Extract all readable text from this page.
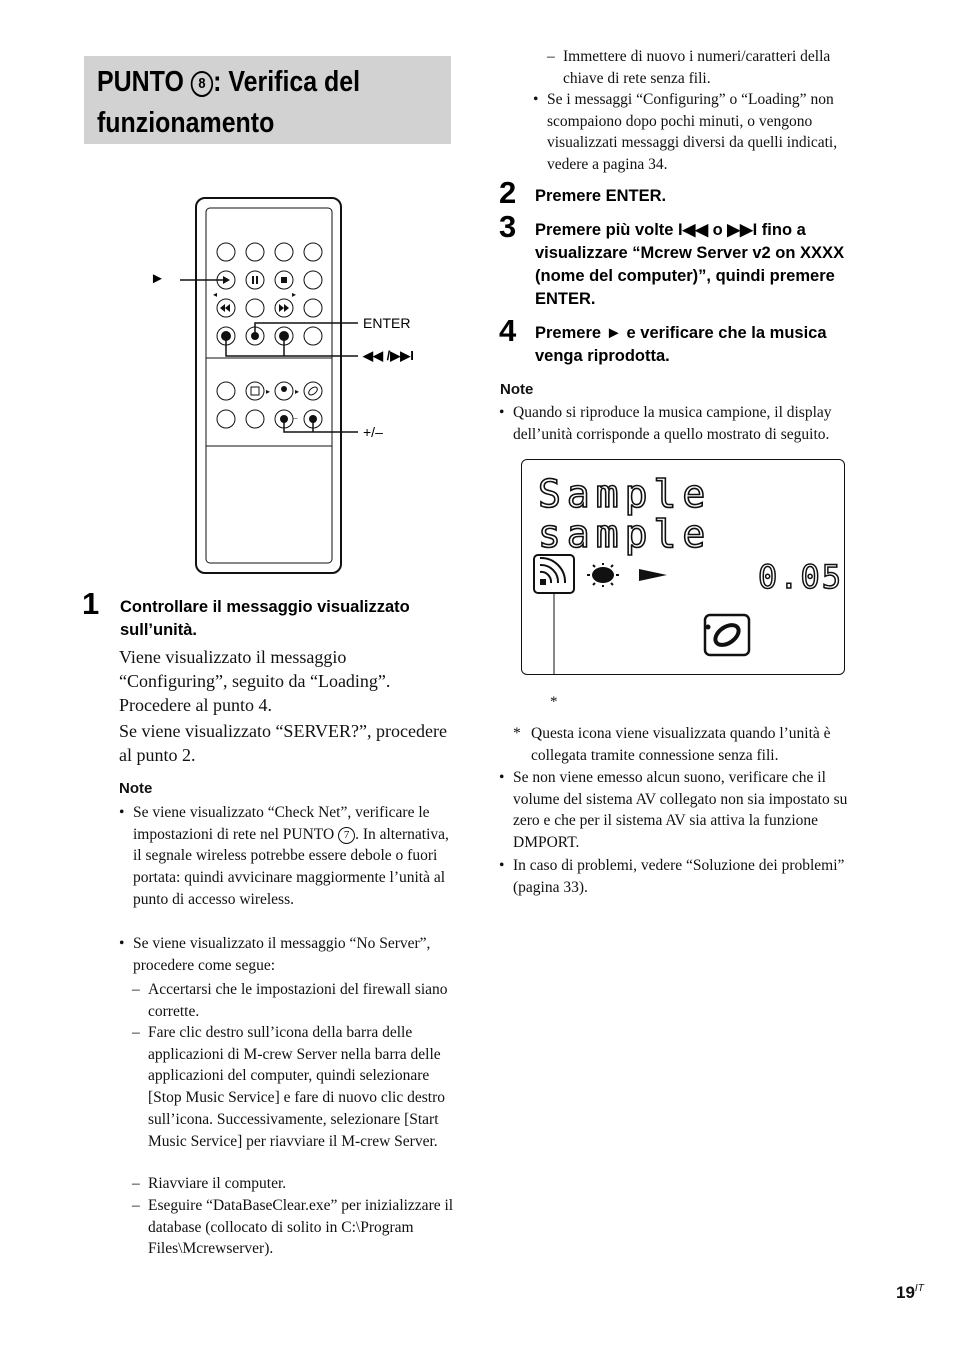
PUNTO 8 : Verifica del funzionamento
◂	▸
▸	▸
–
►
ENTER
◀◀ /▶▶I
+/–
1 Controllare il messaggio visualizzato sull’unità.
Viene visualizzato il messaggio “Configuring”, seguito da “Loading”. Procedere al punto 4.
Se viene visualizzato “SERVER?”, procedere al punto 2.
Note
• Se viene visualizzato “Check Net”, verificare le impostazioni di rete nel PUNTO 7 . In alternativa, il segnale wireless potrebbe essere debole o fuori portata: quindi avvicinare maggiormente l’unità al punto di accesso wireless.
• Se viene visualizzato il messaggio “No Server”, procedere come segue:
– Accertarsi che le impostazioni del firewall siano corrette.
– Fare clic destro sull’icona della barra delle applicazioni di M-crew Server nella barra delle applicazioni del computer, quindi selezionare [Stop Music Service] e fare di nuovo clic destro sull’icona. Successivamente, selezionare [Start Music Service] per riavviare il M-crew Server.
– Riavviare il computer.
– Eseguire “DataBaseClear.exe” per inizializzare il database (collocato di solito in C:\Program Files\Mcrewserver).
– Immettere di nuovo i numeri/caratteri della chiave di rete senza fili.
• Se i messaggi “Configuring” o “Loading” non scompaiono dopo pochi minuti, o vengono visualizzati messaggi diversi da quelli indicati, vedere a pagina 34.
2 Premere ENTER.
3 Premere più volte I◀◀ o ▶▶I fino a visualizzare “Mcrew Server v2 on XXXX (nome del computer)”, quindi premere ENTER.
4 Premere ► e verificare che la musica venga riprodotta.
Note
• Quando si riproduce la musica campione, il display dell’unità corrisponde a quello mostrato di seguito.
Sample
sample
0.05
*
* Questa icona viene visualizzata quando l’unità è collegata tramite connessione senza fili.
• Se non viene emesso alcun suono, verificare che il volume del sistema AV collegato non sia impostato su zero e che per il sistema AV sia attiva la funzione DMPORT.
• In caso di problemi, vedere “Soluzione dei problemi” (pagina 33).
$19^{IT}$
